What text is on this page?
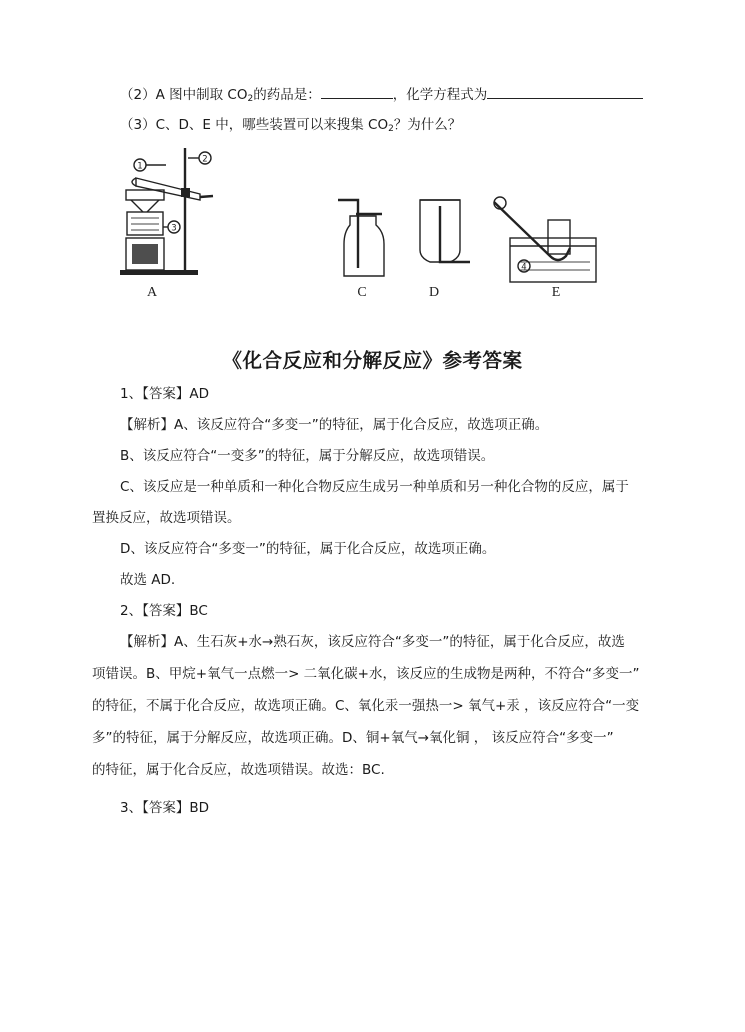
（2）A 图中制取 $CO_2$的药品是：	，化学方程式为
（3）C、D、E 中，哪些装置可以来搜集 $CO_2$？为什么？
1
2
3
A	C	D
4
E
《化合反应和分解反应》参考答案
1、【答案】AD
【解析】A、该反应符合“多变一”的特征，属于化合反应，故选项正确。
B、该反应符合“一变多”的特征，属于分解反应，故选项错误。
C、该反应是一种单质和一种化合物反应生成另一种单质和另一种化合物的反应，属于
置换反应，故选项错误。
D、该反应符合“多变一”的特征，属于化合反应，故选项正确。
故选 AD.
2、【答案】BC
【解析】A、生石灰+水→熟石灰，该反应符合“多变一”的特征，属于化合反应，故选
项错误。B、甲烷+氧气一点燃一> 二氧化碳+水，该反应的生成物是两种，不符合“多变一”
的特征，不属于化合反应，故选项正确。C、氧化汞一强热一> 氧气+汞 ，该反应符合“一变
多”的特征，属于分解反应，故选项正确。D、铜+氧气→氧化铜 ， 该反应符合“多变一”
的特征，属于化合反应，故选项错误。故选：BC.
3、【答案】BD
